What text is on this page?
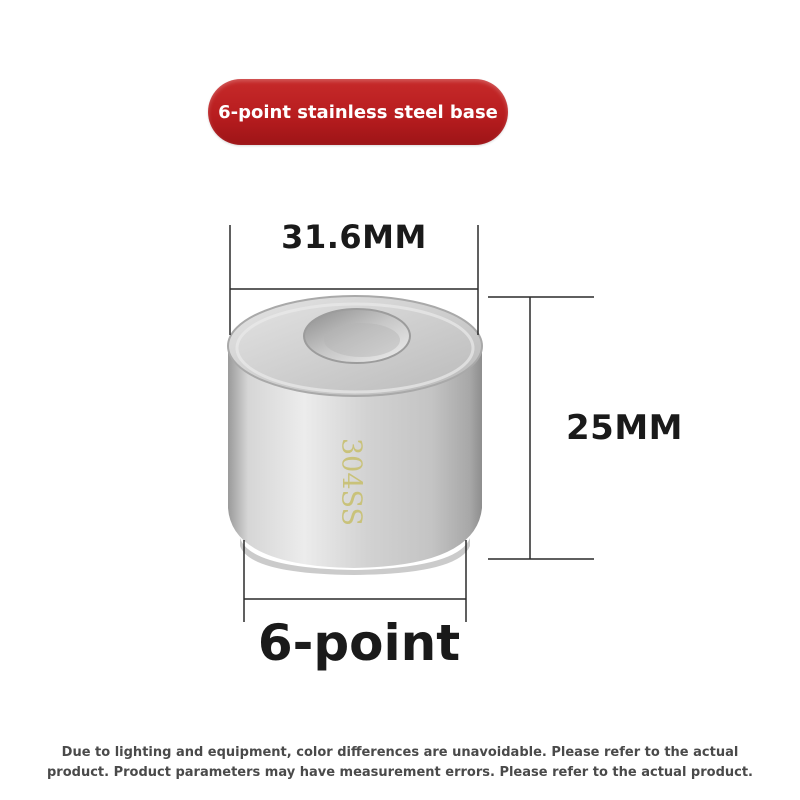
6-point stainless steel base
304SS
31.6MM
25MM
6-point
Due to lighting and equipment, color differences are unavoidable. Please refer to the actual
product. Product parameters may have measurement errors. Please refer to the actual product.
